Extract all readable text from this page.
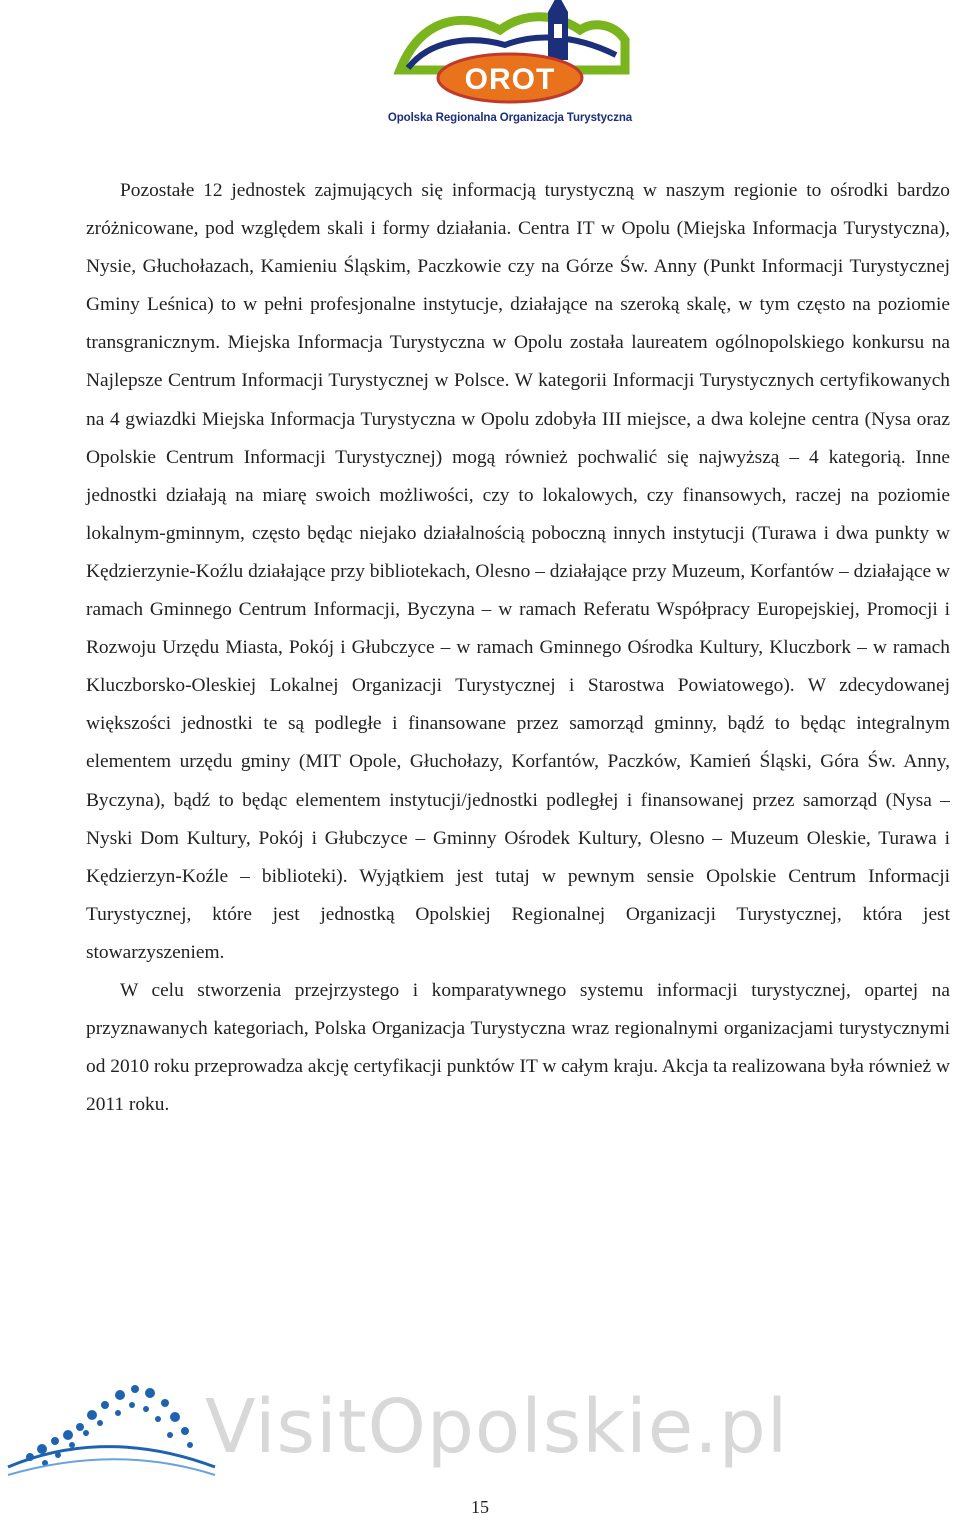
OROT
Opolska Regionalna Organizacja Turystyczna

Pozostałe 12 jednostek zajmujących się informacją turystyczną w naszym regionie to ośrodki bardzo zróżnicowane, pod względem skali i formy działania. Centra IT w Opolu (Miejska Informacja Turystyczna), Nysie, Głuchołazach, Kamieniu Śląskim, Paczkowie czy na Górze Św. Anny (Punkt Informacji Turystycznej Gminy Leśnica) to w pełni profesjonalne instytucje, działające na szeroką skalę, w tym często na poziomie transgranicznym. Miejska Informacja Turystyczna w Opolu została laureatem ogólnopolskiego konkursu na Najlepsze Centrum Informacji Turystycznej w Polsce. W kategorii Informacji Turystycznych certyfikowanych na 4 gwiazdki Miejska Informacja Turystyczna w Opolu zdobyła III miejsce, a dwa kolejne centra (Nysa oraz Opolskie Centrum Informacji Turystycznej) mogą również pochwalić się najwyższą – 4 kategorią. Inne jednostki działają na miarę swoich możliwości, czy to lokalowych, czy finansowych, raczej na poziomie lokalnym-gminnym, często będąc niejako działalnością poboczną innych instytucji (Turawa i dwa punkty w Kędzierzynie-Koźlu działające przy bibliotekach, Olesno – działające przy Muzeum, Korfantów – działające w ramach Gminnego Centrum Informacji, Byczyna – w ramach Referatu Współpracy Europejskiej, Promocji i Rozwoju Urzędu Miasta, Pokój i Głubczyce – w ramach Gminnego Ośrodka Kultury, Kluczbork – w ramach Kluczborsko-Oleskiej Lokalnej Organizacji Turystycznej i Starostwa Powiatowego). W zdecydowanej większości jednostki te są podległe i finansowane przez samorząd gminny, bądź to będąc integralnym elementem urzędu gminy (MIT Opole, Głuchołazy, Korfantów, Paczków, Kamień Śląski, Góra Św. Anny, Byczyna), bądź to będąc elementem instytucji/jednostki podległej i finansowanej przez samorząd (Nysa – Nyski Dom Kultury, Pokój i Głubczyce – Gminny Ośrodek Kultury, Olesno – Muzeum Oleskie, Turawa i Kędzierzyn-Koźle – biblioteki). Wyjątkiem jest tutaj w pewnym sensie Opolskie Centrum Informacji Turystycznej, które jest jednostką Opolskiej Regionalnej Organizacji Turystycznej, która jest stowarzyszeniem.

W celu stworzenia przejrzystego i komparatywnego systemu informacji turystycznej, opartej na przyznawanych kategoriach, Polska Organizacja Turystyczna wraz regionalnymi organizacjami turystycznymi od 2010 roku przeprowadza akcję certyfikacji punktów IT w całym kraju. Akcja ta realizowana była również w 2011 roku.

VisitOpolskie.pl
15
